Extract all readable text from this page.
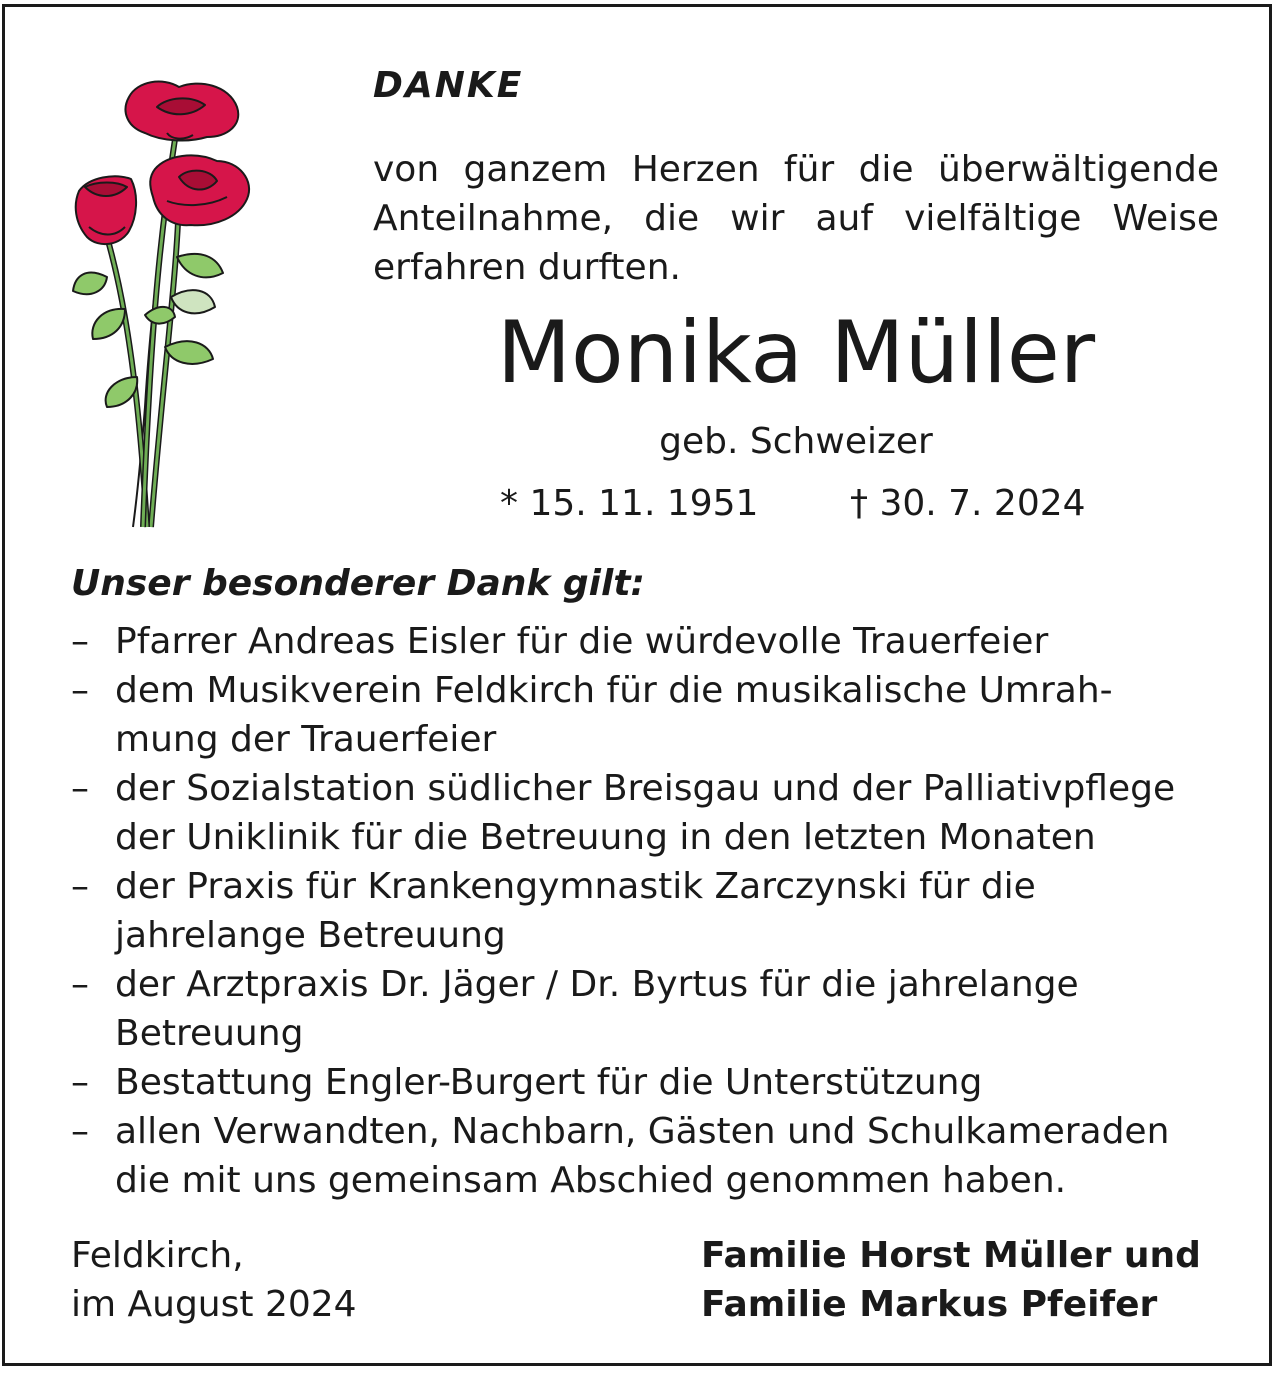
DANKE

von ganzem Herzen für die überwältigende
Anteilnahme, die wir auf vielfältige Weise
erfahren durften.

Monika Müller
geb. Schweizer
* 15. 11. 1951	† 30. 7. 2024
Unser besonderer Dank gilt:
– Pfarrer Andreas Eisler für die würdevolle Trauerfeier
– dem Musikverein Feldkirch für die musikalische Umrah-
mung der Trauerfeier
– der Sozialstation südlicher Breisgau und der Palliativpflege
der Uniklinik für die Betreuung in den letzten Monaten
– der Praxis für Krankengymnastik Zarczynski für die
jahrelange Betreuung
– der Arztpraxis Dr. Jäger / Dr. Byrtus für die jahrelange
Betreuung
– Bestattung Engler-Burgert für die Unterstützung
– allen Verwandten, Nachbarn, Gästen und Schulkameraden
die mit uns gemeinsam Abschied genommen haben.
Feldkirch,
im August 2024
Familie Horst Müller und
Familie Markus Pfeifer
